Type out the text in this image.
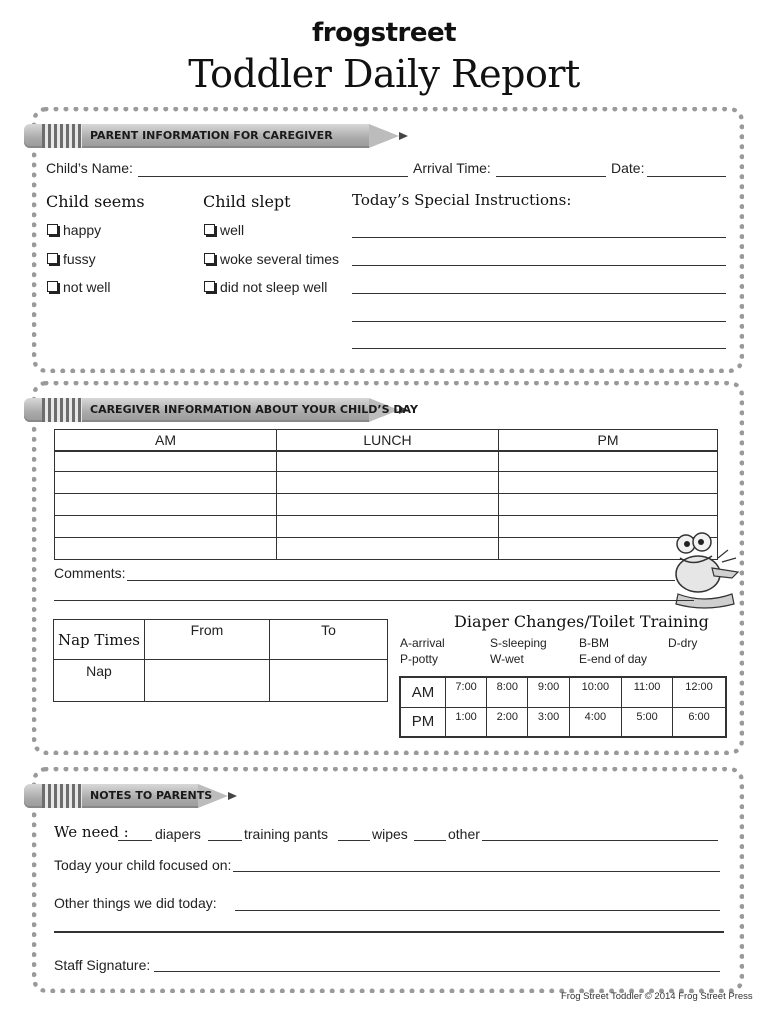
frogstreet
Toddler Daily Report
PARENT INFORMATION FOR CAREGIVER
Child’s Name:	Arrival Time:	Date:
Child seems
happy
fussy
not well
Child slept
well
woke several times
did not sleep well
Today’s Special Instructions:
CAREGIVER INFORMATION ABOUT YOUR CHILD’S DAY
AM	LUNCH	PM

Comments:
Nap Times	From	To
Nap		
Diaper Changes/Toilet Training
A-arrival	S-sleeping	B-BM	D-dry
P-potty	W-wet	E-end of day
AM	7:00	8:00	9:00	10:00	11:00	12:00
PM	1:00	2:00	3:00	4:00	5:00	6:00
NOTES TO PARENTS
We need : diapers	training pants	wipes	other
Today your child focused on:
Other things we did today:
Staff Signature:
Frog Street Toddler © 2014 Frog Street Press
